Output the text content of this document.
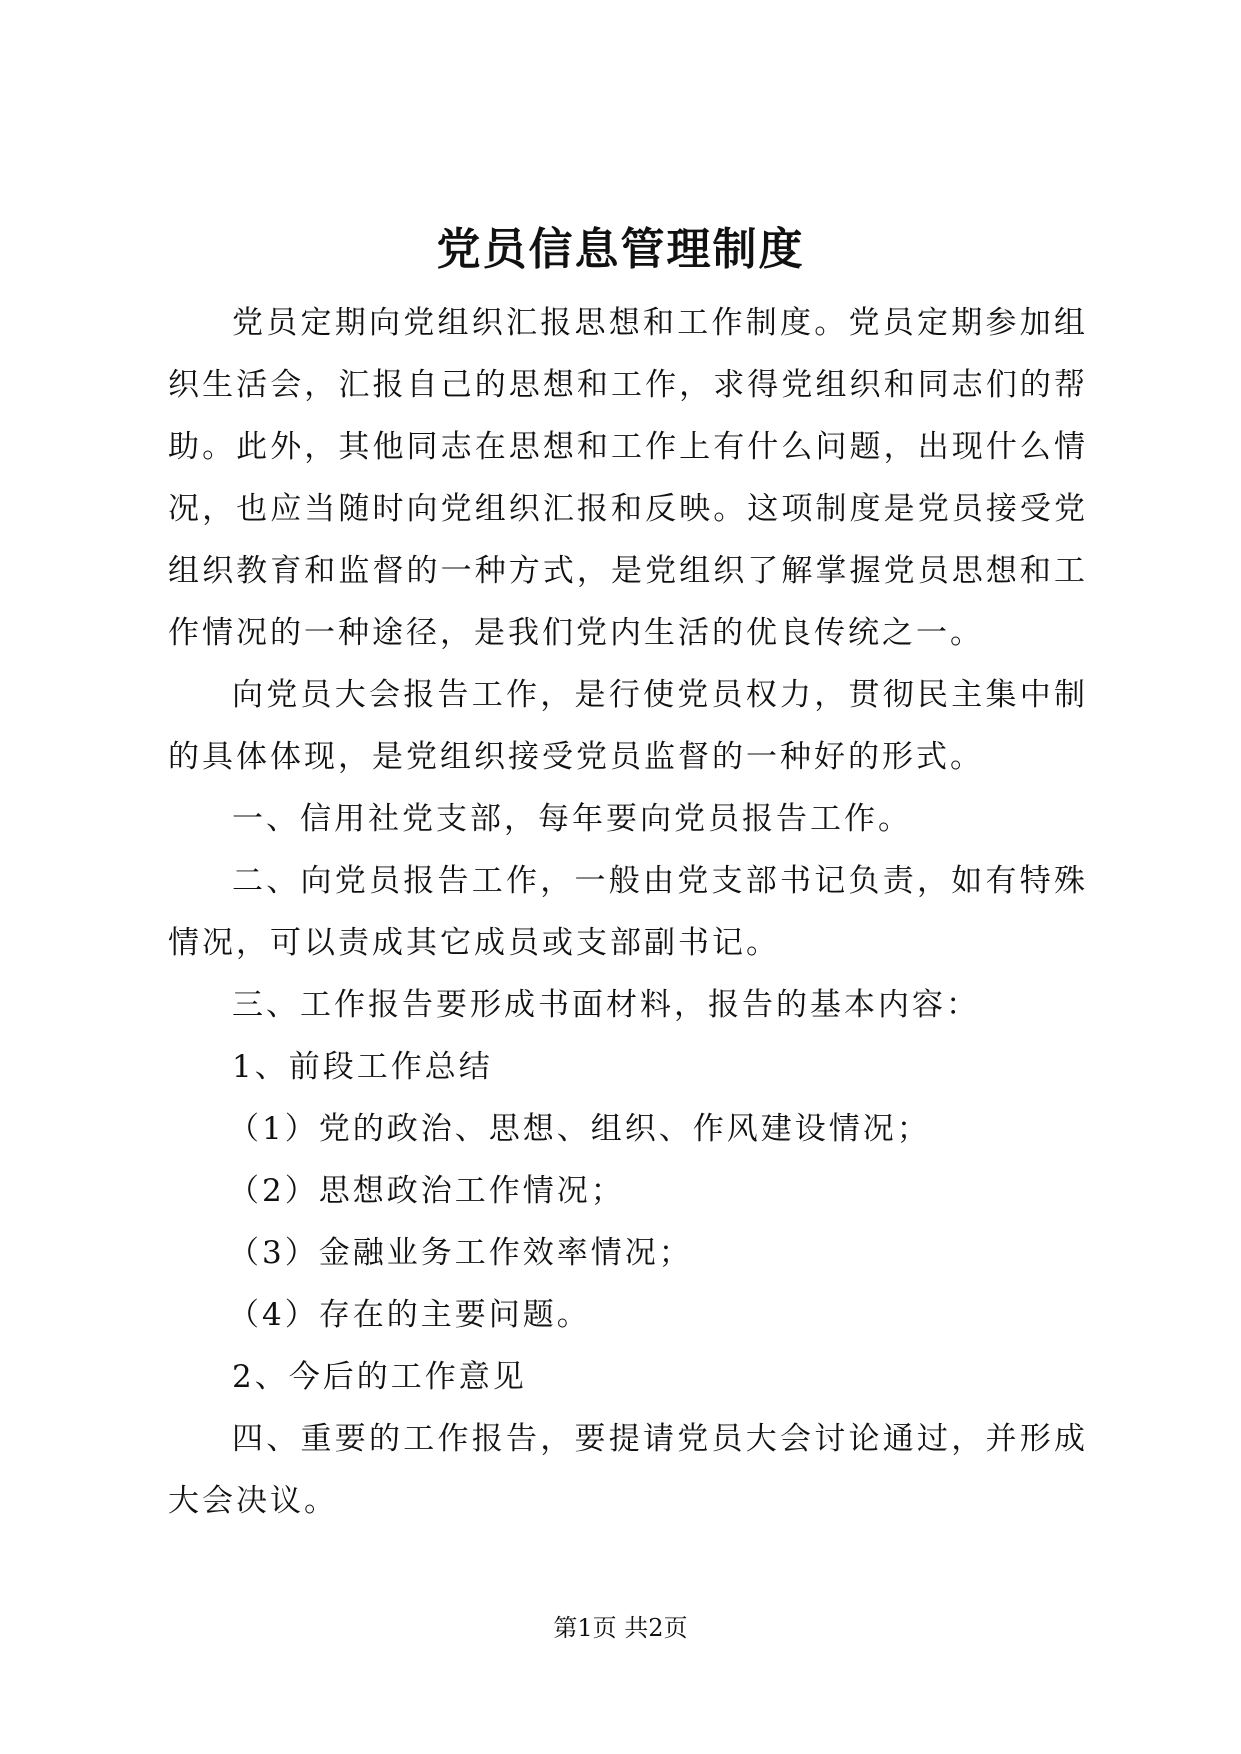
党员信息管理制度

党员定期向党组织汇报思想和工作制度。党员定期参加组织生活会，汇报自己的思想和工作，求得党组织和同志们的帮助。此外，其他同志在思想和工作上有什么问题，出现什么情况，也应当随时向党组织汇报和反映。这项制度是党员接受党组织教育和监督的一种方式，是党组织了解掌握党员思想和工作情况的一种途径，是我们党内生活的优良传统之一。

向党员大会报告工作，是行使党员权力，贯彻民主集中制的具体体现，是党组织接受党员监督的一种好的形式。

一、信用社党支部，每年要向党员报告工作。

二、向党员报告工作，一般由党支部书记负责，如有特殊情况，可以责成其它成员或支部副书记。

三、工作报告要形成书面材料，报告的基本内容：

1、前段工作总结

（1）党的政治、思想、组织、作风建设情况；

（2）思想政治工作情况；

（3）金融业务工作效率情况；

（4）存在的主要问题。

2、今后的工作意见

四、重要的工作报告，要提请党员大会讨论通过，并形成大会决议。

第1页 共2页
